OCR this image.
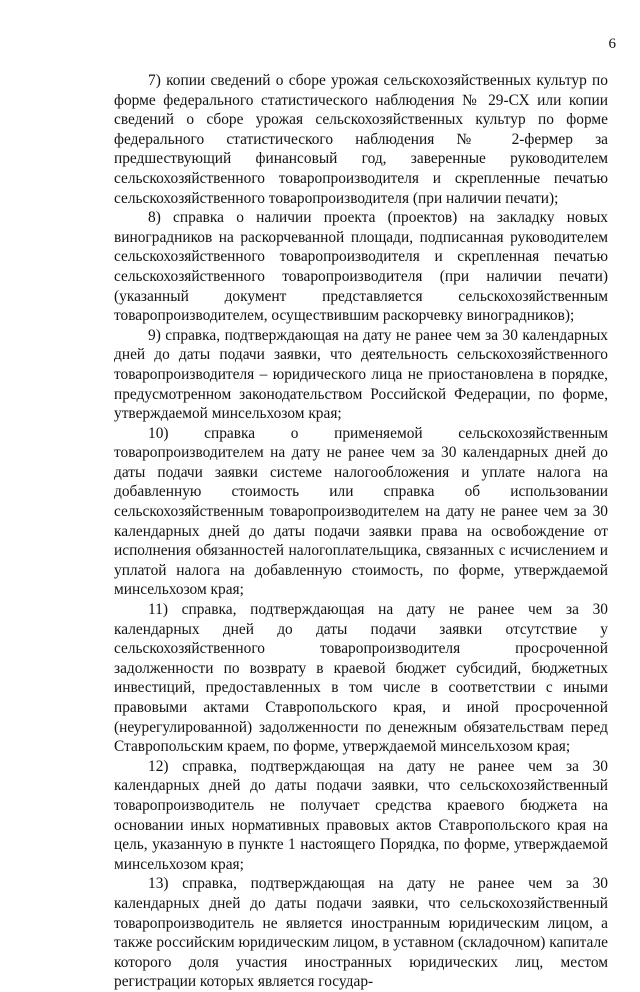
6

7) копии сведений о сборе урожая сельскохозяйственных культур по форме федерального статистического наблюдения № 29-СХ или копии сведений о сборе урожая сельскохозяйственных культур по форме федерального статистического наблюдения № 2-фермер за предшествующий финансовый год, заверенные руководителем сельскохозяйственного товаропроизводителя и скрепленные печатью сельскохозяйственного товаропроизводителя (при наличии печати);

8) справка о наличии проекта (проектов) на закладку новых виноградников на раскорчеванной площади, подписанная руководителем сельскохозяйственного товаропроизводителя и скрепленная печатью сельскохозяйственного товаропроизводителя (при наличии печати) (указанный документ представляется сельскохозяйственным товаропроизводителем, осуществившим раскорчевку виноградников);

9) справка, подтверждающая на дату не ранее чем за 30 календарных дней до даты подачи заявки, что деятельность сельскохозяйственного товаропроизводителя – юридического лица не приостановлена в порядке, предусмотренном законодательством Российской Федерации, по форме, утверждаемой минсельхозом края;

10) справка о применяемой сельскохозяйственным товаропроизводителем на дату не ранее чем за 30 календарных дней до даты подачи заявки системе налогообложения и уплате налога на добавленную стоимость или справка об использовании сельскохозяйственным товаропроизводителем на дату не ранее чем за 30 календарных дней до даты подачи заявки права на освобождение от исполнения обязанностей налогоплательщика, связанных с исчислением и уплатой налога на добавленную стоимость, по форме, утверждаемой минсельхозом края;

11) справка, подтверждающая на дату не ранее чем за 30 календарных дней до даты подачи заявки отсутствие у сельскохозяйственного товаропроизводителя просроченной задолженности по возврату в краевой бюджет субсидий, бюджетных инвестиций, предоставленных в том числе в соответствии с иными правовыми актами Ставропольского края, и иной просроченной (неурегулированной) задолженности по денежным обязательствам перед Ставропольским краем, по форме, утверждаемой минсельхозом края;

12) справка, подтверждающая на дату не ранее чем за 30 календарных дней до даты подачи заявки, что сельскохозяйственный товаропроизводитель не получает средства краевого бюджета на основании иных нормативных правовых актов Ставропольского края на цель, указанную в пункте 1 настоящего Порядка, по форме, утверждаемой минсельхозом края;

13) справка, подтверждающая на дату не ранее чем за 30 календарных дней до даты подачи заявки, что сельскохозяйственный товаропроизводитель не является иностранным юридическим лицом, а также российским юридическим лицом, в уставном (складочном) капитале которого доля участия иностранных юридических лиц, местом регистрации которых является государ-
